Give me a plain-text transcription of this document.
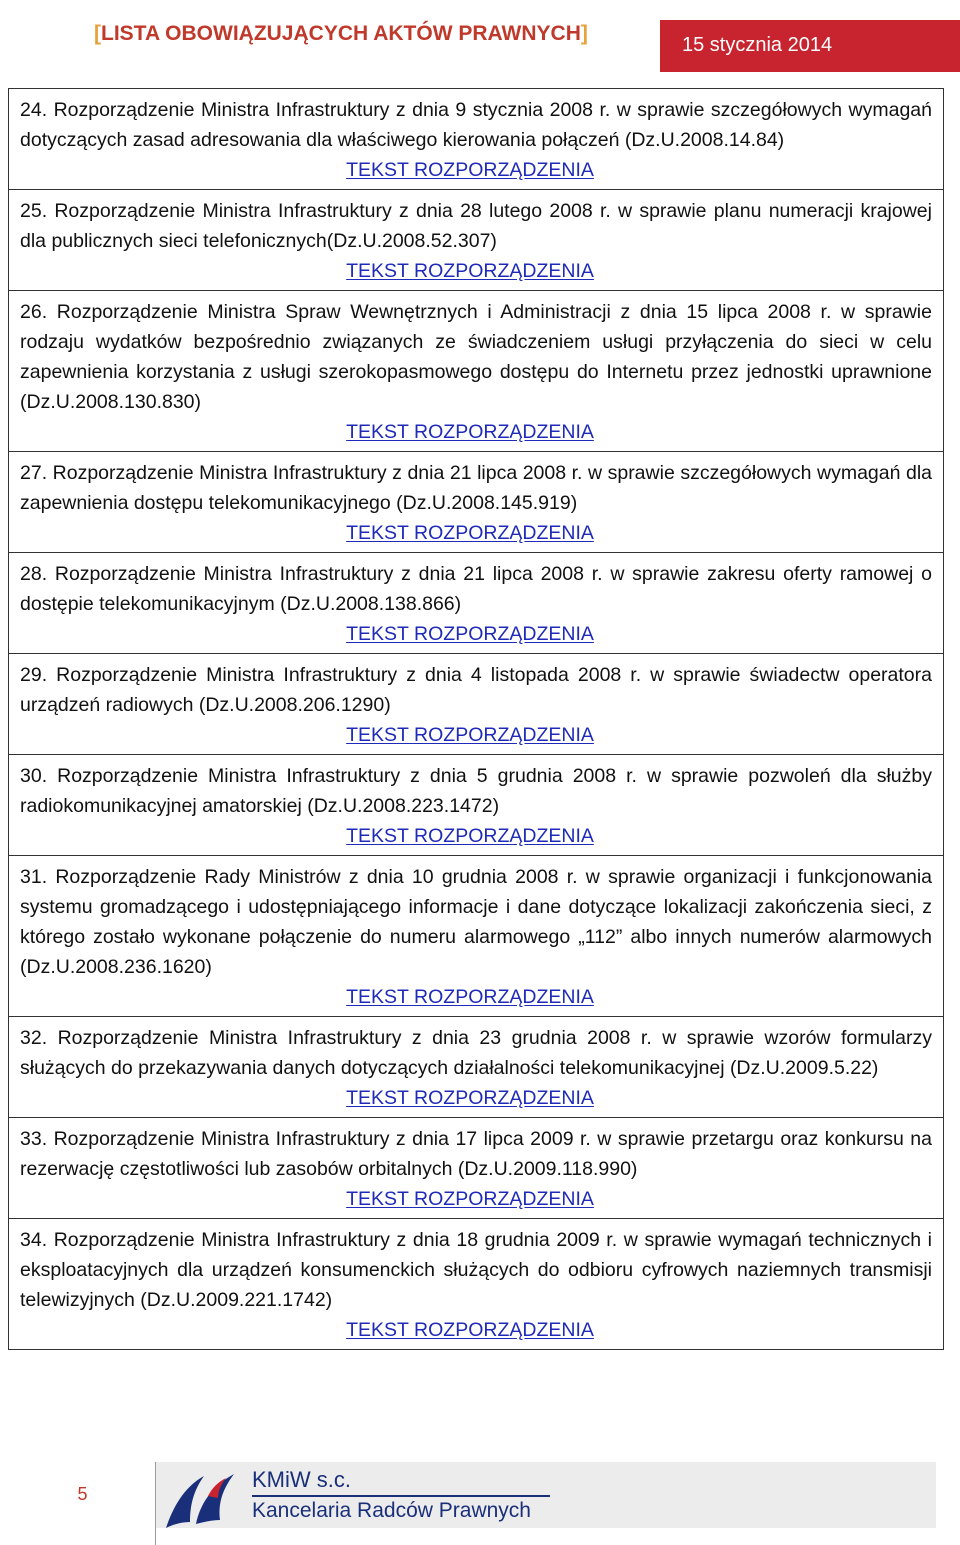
[LISTA OBOWIĄZUJĄCYCH AKTÓW PRAWNYCH]	15 stycznia 2014

24. Rozporządzenie Ministra Infrastruktury z dnia 9 stycznia 2008 r. w sprawie szczegółowych wymagań dotyczących zasad adresowania dla właściwego kierowania połączeń (Dz.U.2008.14.84)

TEKST ROZPORZĄDZENIA

25. Rozporządzenie Ministra Infrastruktury z dnia 28 lutego 2008 r. w sprawie planu numeracji krajowej dla publicznych sieci telefonicznych(Dz.U.2008.52.307)

TEKST ROZPORZĄDZENIA

26. Rozporządzenie Ministra Spraw Wewnętrznych i Administracji z dnia 15 lipca 2008 r. w sprawie rodzaju wydatków bezpośrednio związanych ze świadczeniem usługi przyłączenia do sieci w celu zapewnienia korzystania z usługi szerokopasmowego dostępu do Internetu przez jednostki uprawnione (Dz.U.2008.130.830)

TEKST ROZPORZĄDZENIA

27. Rozporządzenie Ministra Infrastruktury z dnia 21 lipca 2008 r. w sprawie szczegółowych wymagań dla zapewnienia dostępu telekomunikacyjnego (Dz.U.2008.145.919)

TEKST ROZPORZĄDZENIA

28. Rozporządzenie Ministra Infrastruktury z dnia 21 lipca 2008 r. w sprawie zakresu oferty ramowej o dostępie telekomunikacyjnym (Dz.U.2008.138.866)

TEKST ROZPORZĄDZENIA

29. Rozporządzenie Ministra Infrastruktury z dnia 4 listopada 2008 r. w sprawie świadectw operatora urządzeń radiowych (Dz.U.2008.206.1290)

TEKST ROZPORZĄDZENIA

30. Rozporządzenie Ministra Infrastruktury z dnia 5 grudnia 2008 r. w sprawie pozwoleń dla służby radiokomunikacyjnej amatorskiej (Dz.U.2008.223.1472)

TEKST ROZPORZĄDZENIA

31. Rozporządzenie Rady Ministrów z dnia 10 grudnia 2008 r. w sprawie organizacji i funkcjonowania systemu gromadzącego i udostępniającego informacje i dane dotyczące lokalizacji zakończenia sieci, z którego zostało wykonane połączenie do numeru alarmowego „112” albo innych numerów alarmowych (Dz.U.2008.236.1620)

TEKST ROZPORZĄDZENIA

32. Rozporządzenie Ministra Infrastruktury z dnia 23 grudnia 2008 r. w sprawie wzorów formularzy służących do przekazywania danych dotyczących działalności telekomunikacyjnej (Dz.U.2009.5.22)

TEKST ROZPORZĄDZENIA

33. Rozporządzenie Ministra Infrastruktury z dnia 17 lipca 2009 r. w sprawie przetargu oraz konkursu na rezerwację częstotliwości lub zasobów orbitalnych (Dz.U.2009.118.990)

TEKST ROZPORZĄDZENIA

34. Rozporządzenie Ministra Infrastruktury z dnia 18 grudnia 2009 r. w sprawie wymagań technicznych i eksploatacyjnych dla urządzeń konsumenckich służących do odbioru cyfrowych naziemnych transmisji telewizyjnych (Dz.U.2009.221.1742)

TEKST ROZPORZĄDZENIA
5
KMiW s.c.
Kancelaria Radców Prawnych
